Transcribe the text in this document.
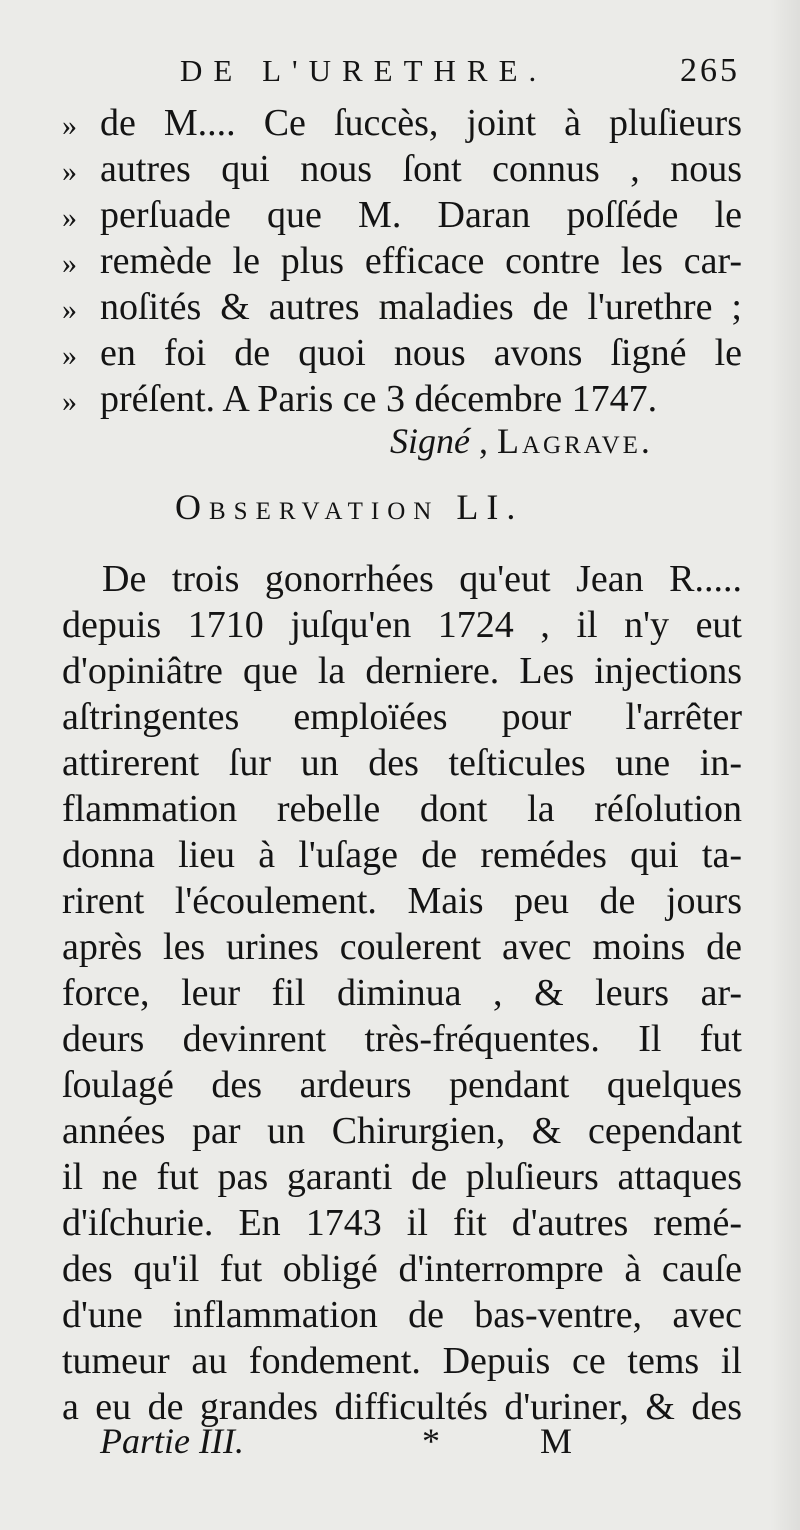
DE L'URETHRE.	265
» de M.... Ce ſuccès, joint à pluſieurs
» autres qui nous ſont connus , nous
» perſuade que M. Daran poſſéde le
» remède le plus efficace contre les car-
» noſités & autres maladies de l'urethre ;
» en foi de quoi nous avons ſigné le
» préſent. A Paris ce 3 décembre 1747.
Signé , Lagrave.
Observation LI.
De trois gonorrhées qu'eut Jean R.....
depuis 1710 juſqu'en 1724 , il n'y eut
d'opiniâtre que la derniere. Les injections
aſtringentes emploïées pour l'arrêter
attirerent ſur un des teſticules une in-
flammation rebelle dont la réſolution
donna lieu à l'uſage de remédes qui ta-
rirent l'écoulement. Mais peu de jours
après les urines coulerent avec moins de
force, leur fil diminua , & leurs ar-
deurs devinrent très-fréquentes. Il fut
ſoulagé des ardeurs pendant quelques
années par un Chirurgien, & cependant
il ne fut pas garanti de pluſieurs attaques
d'iſchurie. En 1743 il fit d'autres remé-
des qu'il fut obligé d'interrompre à cauſe
d'une inflammation de bas-ventre, avec
tumeur au fondement. Depuis ce tems il
a eu de grandes difficultés d'uriner, & des
Partie III.	*	M
